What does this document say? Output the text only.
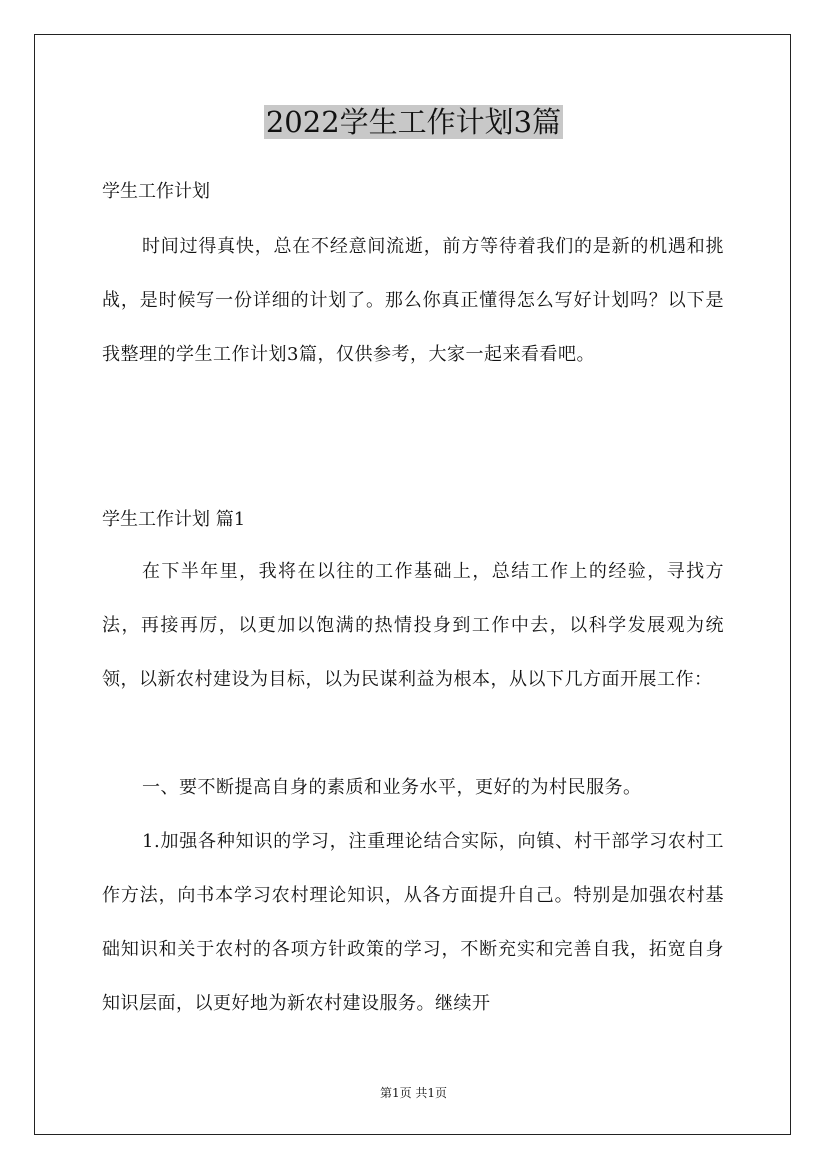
2022学生工作计划3篇

学生工作计划

时间过得真快，总在不经意间流逝，前方等待着我们的是新的机遇和挑战，是时候写一份详细的计划了。那么你真正懂得怎么写好计划吗？以下是我整理的学生工作计划3篇，仅供参考，大家一起来看看吧。

学生工作计划 篇1

在下半年里，我将在以往的工作基础上，总结工作上的经验，寻找方法，再接再厉，以更加以饱满的热情投身到工作中去，以科学发展观为统领，以新农村建设为目标，以为民谋利益为根本，从以下几方面开展工作：

一、要不断提高自身的素质和业务水平，更好的为村民服务。

1.加强各种知识的学习，注重理论结合实际，向镇、村干部学习农村工作方法，向书本学习农村理论知识，从各方面提升自己。特别是加强农村基础知识和关于农村的各项方针政策的学习，不断充实和完善自我，拓宽自身知识层面，以更好地为新农村建设服务。继续开

第1页 共1页
